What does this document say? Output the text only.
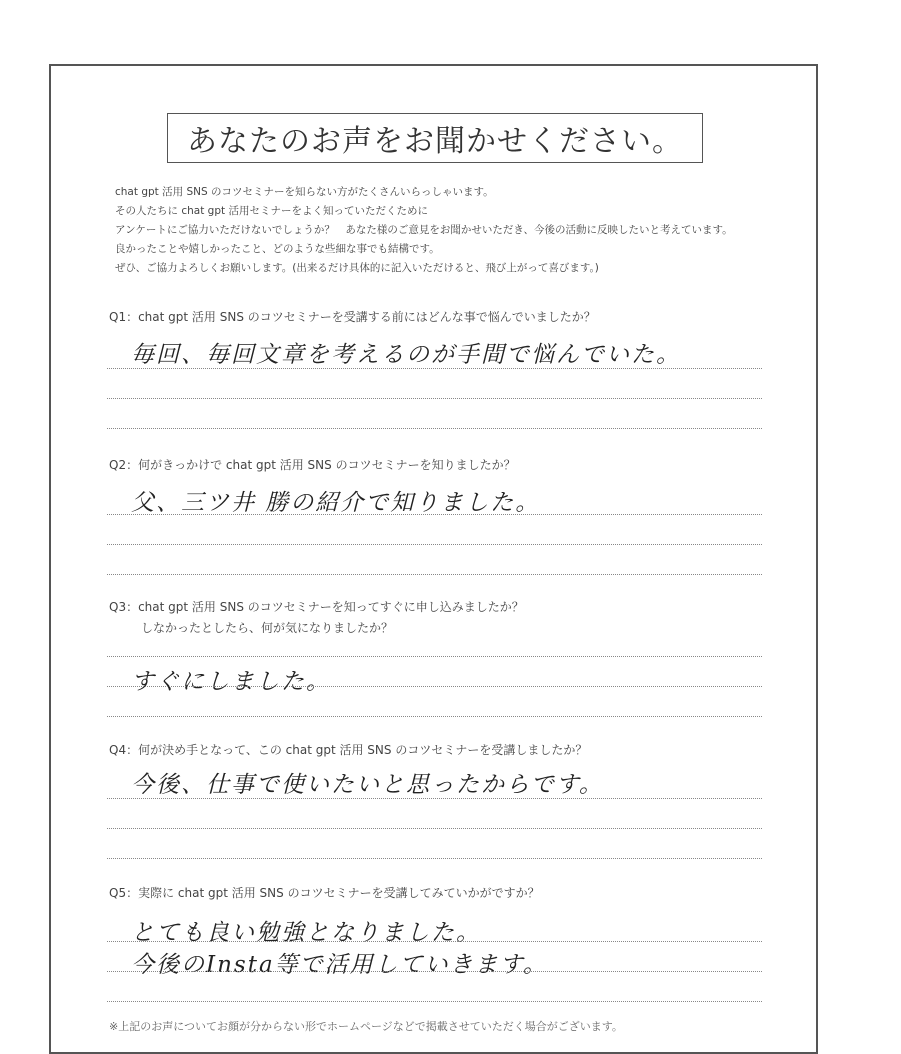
あなたのお声をお聞かせください。

chat gpt 活用 SNS のコツセミナーを知らない方がたくさんいらっしゃいます。

その人たちに chat gpt 活用セミナーをよく知っていただくために

アンケートにご協力いただけないでしょうか？　あなた様のご意見をお聞かせいただき、今後の活動に反映したいと考えています。

良かったことや嬉しかったこと、どのような些細な事でも結構です。

ぜひ、ご協力よろしくお願いします。(出来るだけ具体的に記入いただけると、飛び上がって喜びます。)

Q1：chat gpt 活用 SNS のコツセミナーを受講する前にはどんな事で悩んでいましたか？
毎回、毎回文章を考えるのが手間で悩んでいた。
Q2：何がきっかけで chat gpt 活用 SNS のコツセミナーを知りましたか？
父、三ツ井 勝の紹介で知りました。
Q3：chat gpt 活用 SNS のコツセミナーを知ってすぐに申し込みましたか？
しなかったとしたら、何が気になりましたか？
すぐにしました。
Q4：何が決め手となって、この chat gpt 活用 SNS のコツセミナーを受講しましたか？
今後、仕事で使いたいと思ったからです。
Q5：実際に chat gpt 活用 SNS のコツセミナーを受講してみていかがですか？
とても良い勉強となりました。
今後のInsta等で活用していきます。
※上記のお声についてお顔が分からない形でホームページなどで掲載させていただく場合がございます。
